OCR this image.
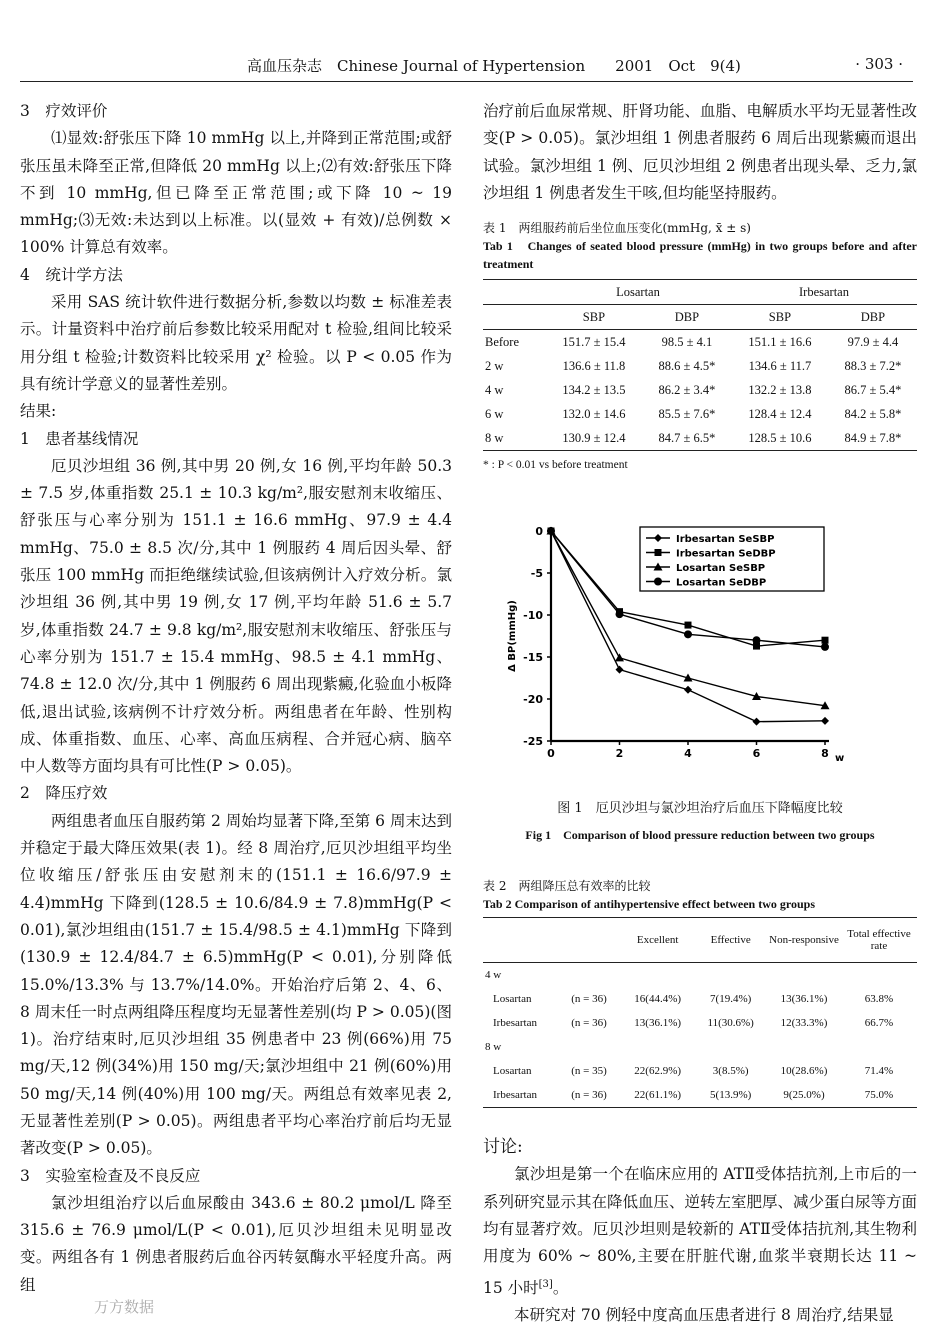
高血压杂志　Chinese Journal of Hypertension　　2001　Oct　9(4)	· 303 ·
3　疗效评价

⑴显效:舒张压下降 10 mmHg 以上,并降到正常范围;或舒张压虽未降至正常,但降低 20 mmHg 以上;⑵有效:舒张压下降不到 10 mmHg,但已降至正常范围;或下降 10 ~ 19 mmHg;⑶无效:未达到以上标准。以(显效 + 有效)/总例数 × 100% 计算总有效率。

4　统计学方法

采用 SAS 统计软件进行数据分析,参数以均数 ± 标准差表示。计量资料中治疗前后参数比较采用配对 t 检验,组间比较采用分组 t 检验;计数资料比较采用 χ² 检验。以 P < 0.05 作为具有统计学意义的显著性差别。

结果:
1　患者基线情况

厄贝沙坦组 36 例,其中男 20 例,女 16 例,平均年龄 50.3 ± 7.5 岁,体重指数 25.1 ± 10.3 kg/m²,服安慰剂末收缩压、舒张压与心率分别为 151.1 ± 16.6 mmHg、97.9 ± 4.4 mmHg、75.0 ± 8.5 次/分,其中 1 例服药 4 周后因头晕、舒张压 100 mmHg 而拒绝继续试验,但该病例计入疗效分析。氯沙坦组 36 例,其中男 19 例,女 17 例,平均年龄 51.6 ± 5.7 岁,体重指数 24.7 ± 9.8 kg/m²,服安慰剂末收缩压、舒张压与心率分别为 151.7 ± 15.4 mmHg、98.5 ± 4.1 mmHg、74.8 ± 12.0 次/分,其中 1 例服药 6 周出现紫癜,化验血小板降低,退出试验,该病例不计疗效分析。两组患者在年龄、性别构成、体重指数、血压、心率、高血压病程、合并冠心病、脑卒中人数等方面均具有可比性(P > 0.05)。

2　降压疗效

两组患者血压自服药第 2 周始均显著下降,至第 6 周末达到并稳定于最大降压效果(表 1)。经 8 周治疗,厄贝沙坦组平均坐位收缩压/舒张压由安慰剂末的(151.1 ± 16.6/97.9 ± 4.4)mmHg 下降到(128.5 ± 10.6/84.9 ± 7.8)mmHg(P < 0.01),氯沙坦组由(151.7 ± 15.4/98.5 ± 4.1)mmHg 下降到(130.9 ± 12.4/84.7 ± 6.5)mmHg(P < 0.01),分别降低 15.0%/13.3% 与 13.7%/14.0%。开始治疗后第 2、4、6、8 周末任一时点两组降压程度均无显著性差别(均 P > 0.05)(图 1)。治疗结束时,厄贝沙坦组 35 例患者中 23 例(66%)用 75 mg/天,12 例(34%)用 150 mg/天;氯沙坦组中 21 例(60%)用 50 mg/天,14 例(40%)用 100 mg/天。两组总有效率见表 2,无显著性差别(P > 0.05)。两组患者平均心率治疗前后均无显著改变(P > 0.05)。

3　实验室检查及不良反应

氯沙坦组治疗以后血尿酸由 343.6 ± 80.2 μmol/L 降至 315.6 ± 76.9 μmol/L(P < 0.01),厄贝沙坦组未见明显改变。两组各有 1 例患者服药后血谷丙转氨酶水平轻度升高。两组

治疗前后血尿常规、肝肾功能、血脂、电解质水平均无显著性改变(P > 0.05)。氯沙坦组 1 例患者服药 6 周后出现紫癜而退出试验。氯沙坦组 1 例、厄贝沙坦组 2 例患者出现头晕、乏力,氯沙坦组 1 例患者发生干咳,但均能坚持服药。

表 1　两组服药前后坐位血压变化(mmHg, x̄ ± s)

Tab 1　Changes of seated blood pressure (mmHg) in two groups before and after treatment

	Losartan		Irbesartan	
	SBP	DBP	SBP	DBP
Before	151.7 ± 15.4	98.5 ± 4.1	151.1 ± 16.6	97.9 ± 4.4
2 w	136.6 ± 11.8	88.6 ± 4.5*	134.6 ± 11.7	88.3 ± 7.2*
4 w	134.2 ± 13.5	86.2 ± 3.4*	132.2 ± 13.8	86.7 ± 5.4*
6 w	132.0 ± 14.6	85.5 ± 7.6*	128.4 ± 12.4	84.2 ± 5.8*
8 w	130.9 ± 12.4	84.7 ± 6.5*	128.5 ± 10.6	84.9 ± 7.8*
* : P < 0.01 vs before treatment
0
-5
-10
-15
-20
-25
0	2	4	6	8 w
Δ BP(mmHg)
Irbesartan SeSBP
Irbesartan SeDBP
Losartan SeSBP
Losartan SeDBP
图 1　厄贝沙坦与氯沙坦治疗后血压下降幅度比较
Fig 1　Comparison of blood pressure reduction between two groups

表 2　两组降压总有效率的比较

Tab 2 Comparison of antihypertensive effect between two groups

		Excellent	Effective	Non-responsive	Total effective rate
4 w					
Losartan	(n = 36)	16(44.4%)	7(19.4%)	13(36.1%)	63.8%
Irbesartan	(n = 36)	13(36.1%)	11(30.6%)	12(33.3%)	66.7%
8 w					
Losartan	(n = 35)	22(62.9%)	3(8.5%)	10(28.6%)	71.4%
Irbesartan	(n = 36)	22(61.1%)	5(13.9%)	9(25.0%)	75.0%
讨论:

氯沙坦是第一个在临床应用的 ATⅡ受体拮抗剂,上市后的一系列研究显示其在降低血压、逆转左室肥厚、减少蛋白尿等方面均有显著疗效。厄贝沙坦则是较新的 ATⅡ受体拮抗剂,其生物利用度为 60% ~ 80%,主要在肝脏代谢,血浆半衰期长达 11 ~ 15 小时[3]。

本研究对 70 例轻中度高血压患者进行 8 周治疗,结果显

万方数据
